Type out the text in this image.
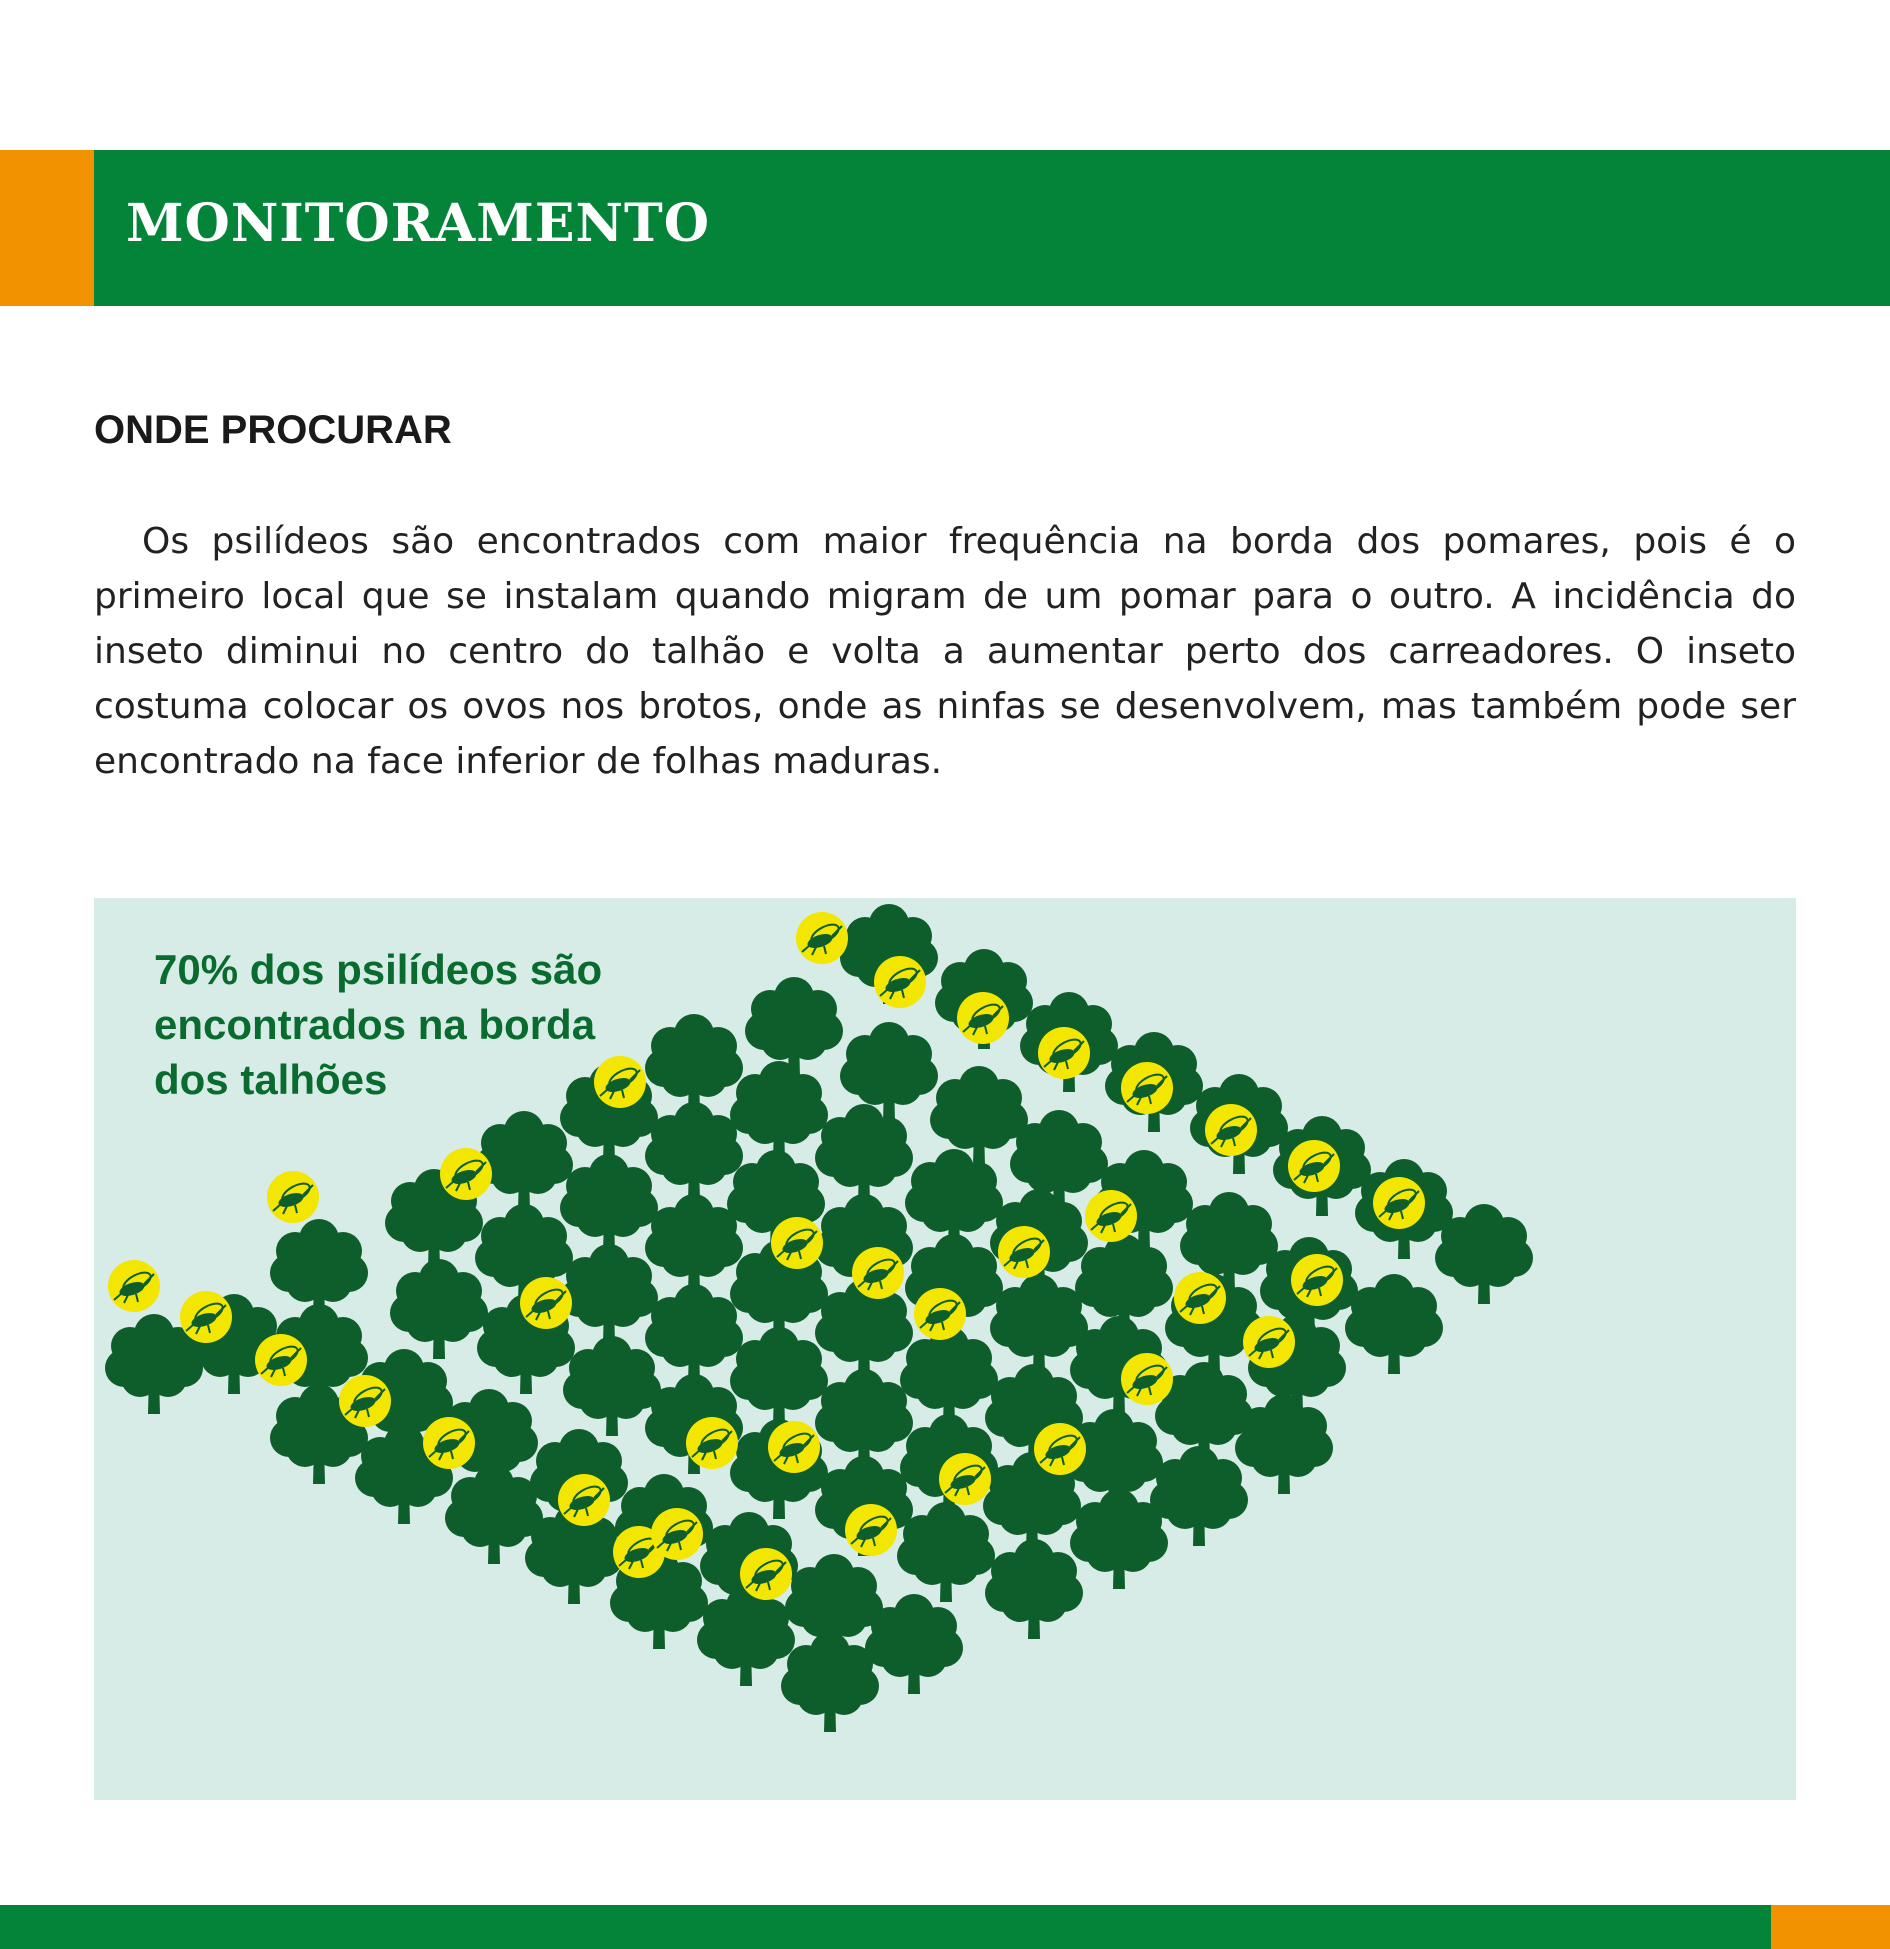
MONITORAMENTO
ONDE PROCURAR

Os psilídeos são encontrados com maior frequência na borda dos pomares, pois é o primeiro local que se instalam quando migram de um pomar para o outro. A incidência do inseto diminui no centro do talhão e volta a aumentar perto dos carreadores. O inseto costuma colocar os ovos nos brotos, onde as ninfas se desenvolvem, mas também pode ser encontrado na face inferior de folhas maduras.

70% dos psilídeos são encontrados na borda dos talhões
